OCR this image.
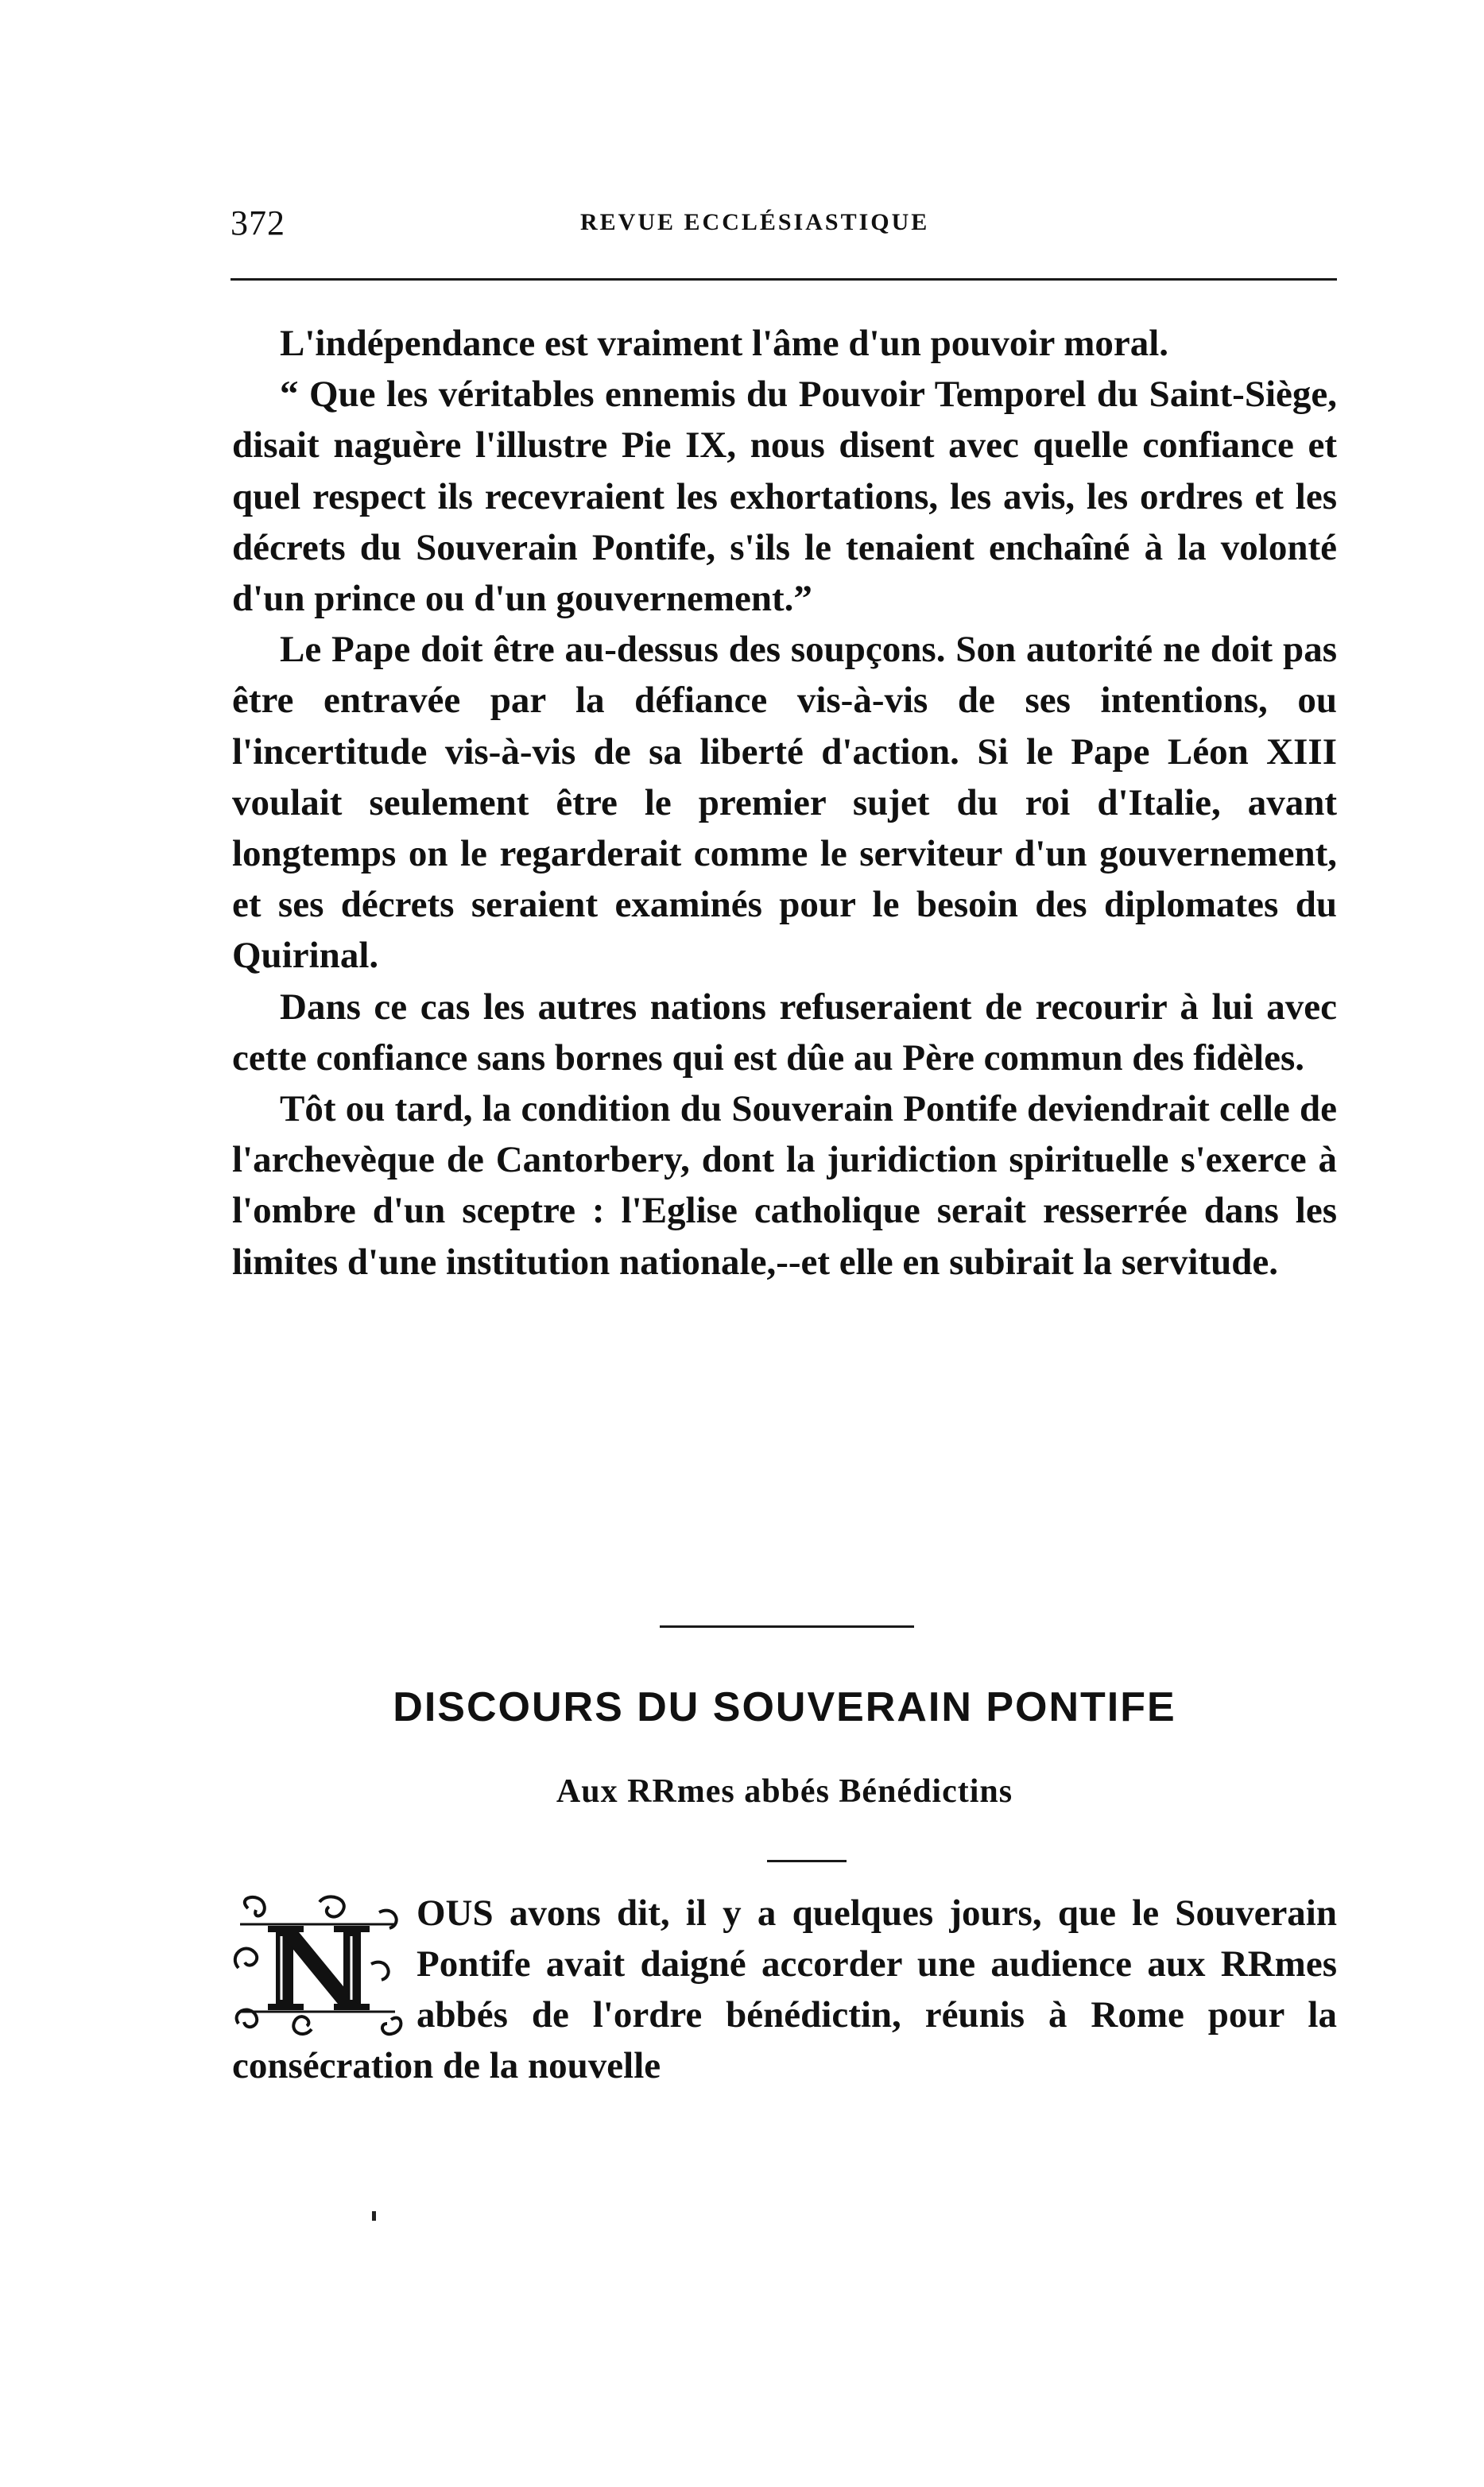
372	REVUE ECCLÉSIASTIQUE

L'indépendance est vraiment l'âme d'un pouvoir moral.

“ Que les véritables ennemis du Pouvoir Temporel du Saint-Siège, disait naguère l'illustre Pie IX, nous disent avec quelle confiance et quel respect ils recevraient les exhortations, les avis, les ordres et les décrets du Souverain Pontife, s'ils le tenaient enchaîné à la volonté d'un prince ou d'un gouvernement.”

Le Pape doit être au-dessus des soupçons. Son autorité ne doit pas être entravée par la défiance vis-à-vis de ses intentions, ou l'incertitude vis-à-vis de sa liberté d'action. Si le Pape Léon XIII voulait seulement être le premier sujet du roi d'Italie, avant longtemps on le regarderait comme le serviteur d'un gouvernement, et ses décrets seraient examinés pour le besoin des diplomates du Quirinal.

Dans ce cas les autres nations refuseraient de recourir à lui avec cette confiance sans bornes qui est dûe au Père commun des fidèles.

Tôt ou tard, la condition du Souverain Pontife deviendrait celle de l'archevèque de Cantorbery, dont la juridiction spirituelle s'exerce à l'ombre d'un sceptre : l'Eglise catholique serait resserrée dans les limites d'une institution nationale,--et elle en subirait la servitude.

DISCOURS DU SOUVERAIN PONTIFE
Aux RRmes abbés Bénédictins
OUS avons dit, il y a quelques jours, que le Souverain Pontife avait daigné accorder une audience aux RRmes abbés de l'ordre bénédictin, réunis à Rome pour la consécration de la nouvelle
